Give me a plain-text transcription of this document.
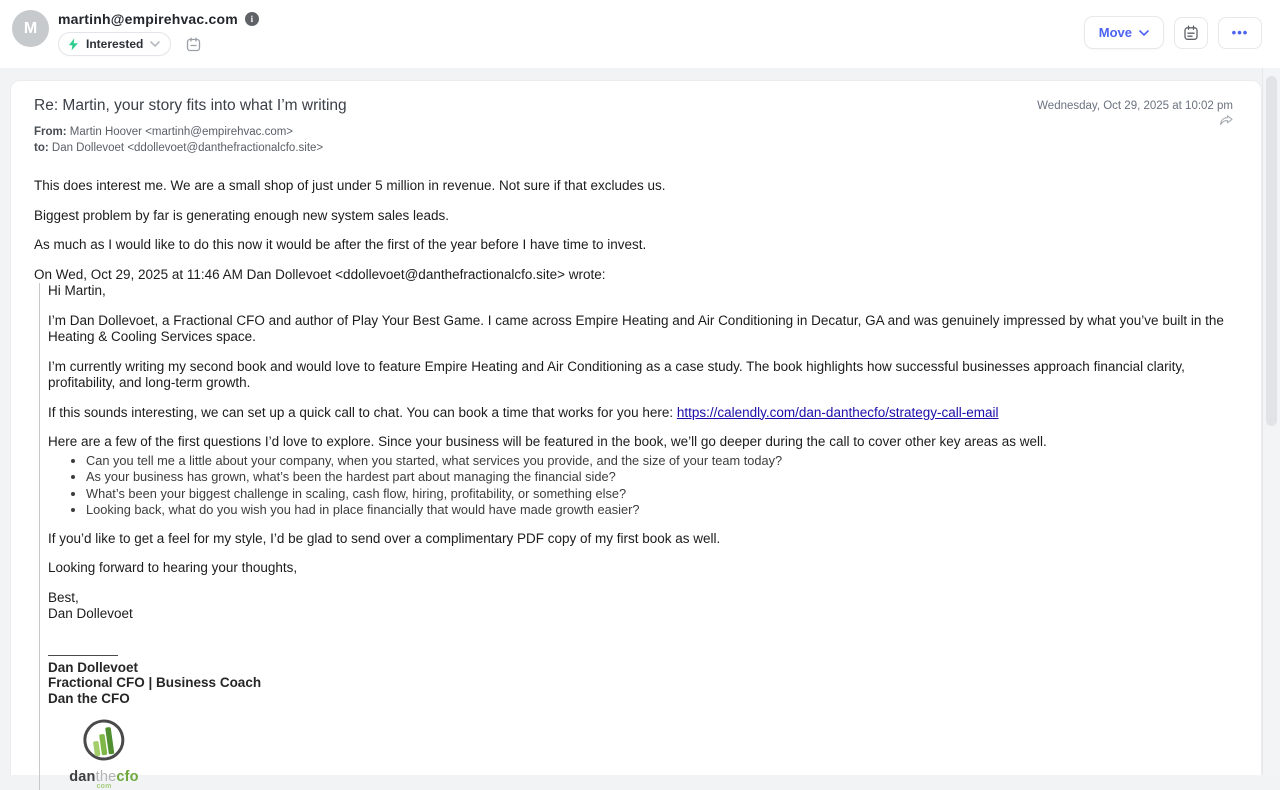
M
martinh@empirehvac.com	i
Interested
Move	•••
Re: Martin, your story fits into what I’m writing
From: Martin Hoover <martinh@empirehvac.com>
to: Dan Dollevoet <ddollevoet@danthefractionalcfo.site>
Wednesday, Oct 29, 2025 at 10:02 pm

This does interest me. We are a small shop of just under 5 million in revenue. Not sure if that excludes us.

Biggest problem by far is generating enough new system sales leads.

As much as I would like to do this now it would be after the first of the year before I have time to invest.

On Wed, Oct 29, 2025 at 11:46 AM Dan Dollevoet <ddollevoet@danthefractionalcfo.site> wrote:

Hi Martin,

I’m Dan Dollevoet, a Fractional CFO and author of Play Your Best Game. I came across Empire Heating and Air Conditioning in Decatur, GA and was genuinely impressed by what you’ve built in the Heating & Cooling Services space.

I’m currently writing my second book and would love to feature Empire Heating and Air Conditioning as a case study. The book highlights how successful businesses approach financial clarity, profitability, and long-term growth.

If this sounds interesting, we can set up a quick call to chat. You can book a time that works for you here: https://calendly.com/dan-danthecfo/strategy-call-email

Here are a few of the first questions I’d love to explore. Since your business will be featured in the book, we’ll go deeper during the call to cover other key areas as well.

• Can you tell me a little about your company, when you started, what services you provide, and the size of your team today?
• As your business has grown, what’s been the hardest part about managing the financial side?
• What’s been your biggest challenge in scaling, cash flow, hiring, profitability, or something else?
• Looking back, what do you wish you had in place financially that would have made growth easier?

If you’d like to get a feel for my style, I’d be glad to send over a complimentary PDF copy of my first book as well.

Looking forward to hearing your thoughts,

Best,

Dan Dollevoet

Dan Dollevoet
Fractional CFO | Business Coach
Dan the CFO
danthecfo
com
